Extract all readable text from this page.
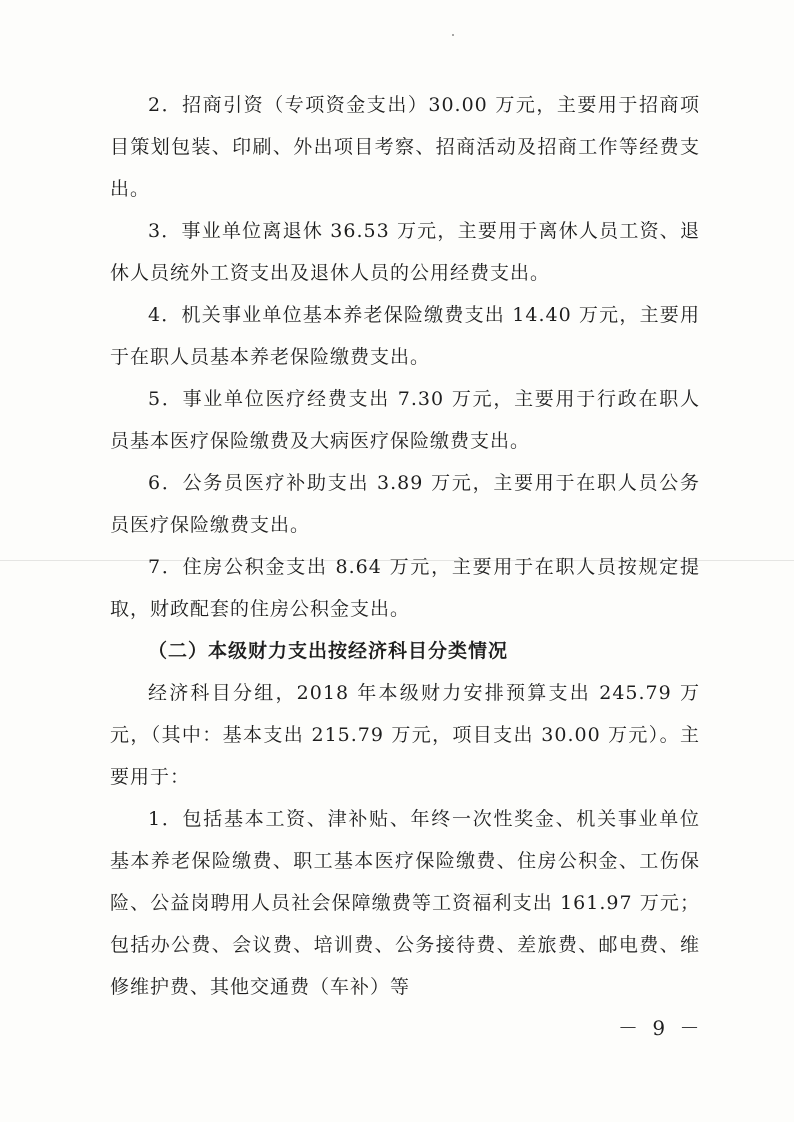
2．招商引资（专项资金支出）30.00 万元，主要用于招商项目策划包装、印刷、外出项目考察、招商活动及招商工作等经费支出。

3．事业单位离退休 36.53 万元，主要用于离休人员工资、退休人员统外工资支出及退休人员的公用经费支出。

4．机关事业单位基本养老保险缴费支出 14.40 万元，主要用于在职人员基本养老保险缴费支出。

5．事业单位医疗经费支出 7.30 万元，主要用于行政在职人员基本医疗保险缴费及大病医疗保险缴费支出。

6．公务员医疗补助支出 3.89 万元，主要用于在职人员公务员医疗保险缴费支出。

7．住房公积金支出 8.64 万元，主要用于在职人员按规定提取，财政配套的住房公积金支出。

（二）本级财力支出按经济科目分类情况

经济科目分组，2018 年本级财力安排预算支出 245.79 万元，（其中：基本支出 215.79 万元，项目支出 30.00 万元）。主要用于：

1．包括基本工资、津补贴、年终一次性奖金、机关事业单位基本养老保险缴费、职工基本医疗保险缴费、住房公积金、工伤保险、公益岗聘用人员社会保障缴费等工资福利支出 161.97 万元；包括办公费、会议费、培训费、公务接待费、差旅费、邮电费、维修维护费、其他交通费（车补）等

－ 9 －
